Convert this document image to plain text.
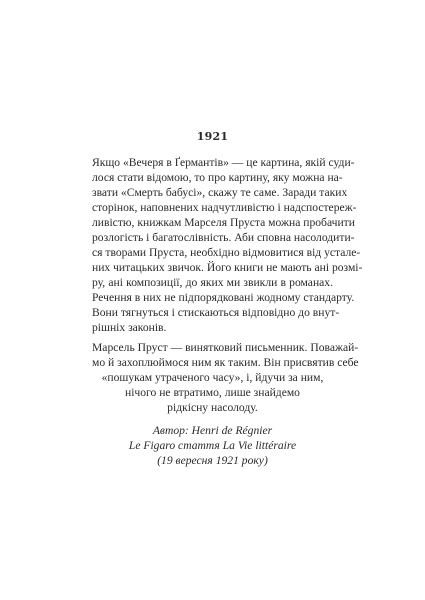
1921
Якщо «Вечеря в Ґермантів» — це картина, якій суди-
лося стати відомою, то про картину, яку можна на-
звати «Смерть бабусі», скажу те саме. Заради таких
сторінок, наповнених надчутливістю і надспостереж-
ливістю, книжкам Марселя Пруста можна пробачити
розлогість і багатослівність. Аби сповна насолодити-
ся творами Пруста, необхідно відмовитися від устале-
них читацьких звичок. Його книги не мають ані розмі-
ру, ані композиції, до яких ми звикли в романах.
Речення в них не підпорядковані жодному стандарту.
Вони тягнуться і стискаються відповідно до внут-
рішніх законів.
Марсель Пруст — винятковий письменник. Поважай-
мо й захоплюймося ним як таким. Він присвятив себе
«пошукам утраченого часу», і, йдучи за ним,
нічого не втратимо, лише знайдемо
рідкісну насолоду.
Автор: Henri de Régnier
Le Figaro стаття La Vie littéraire
(19 вересня 1921 року)
